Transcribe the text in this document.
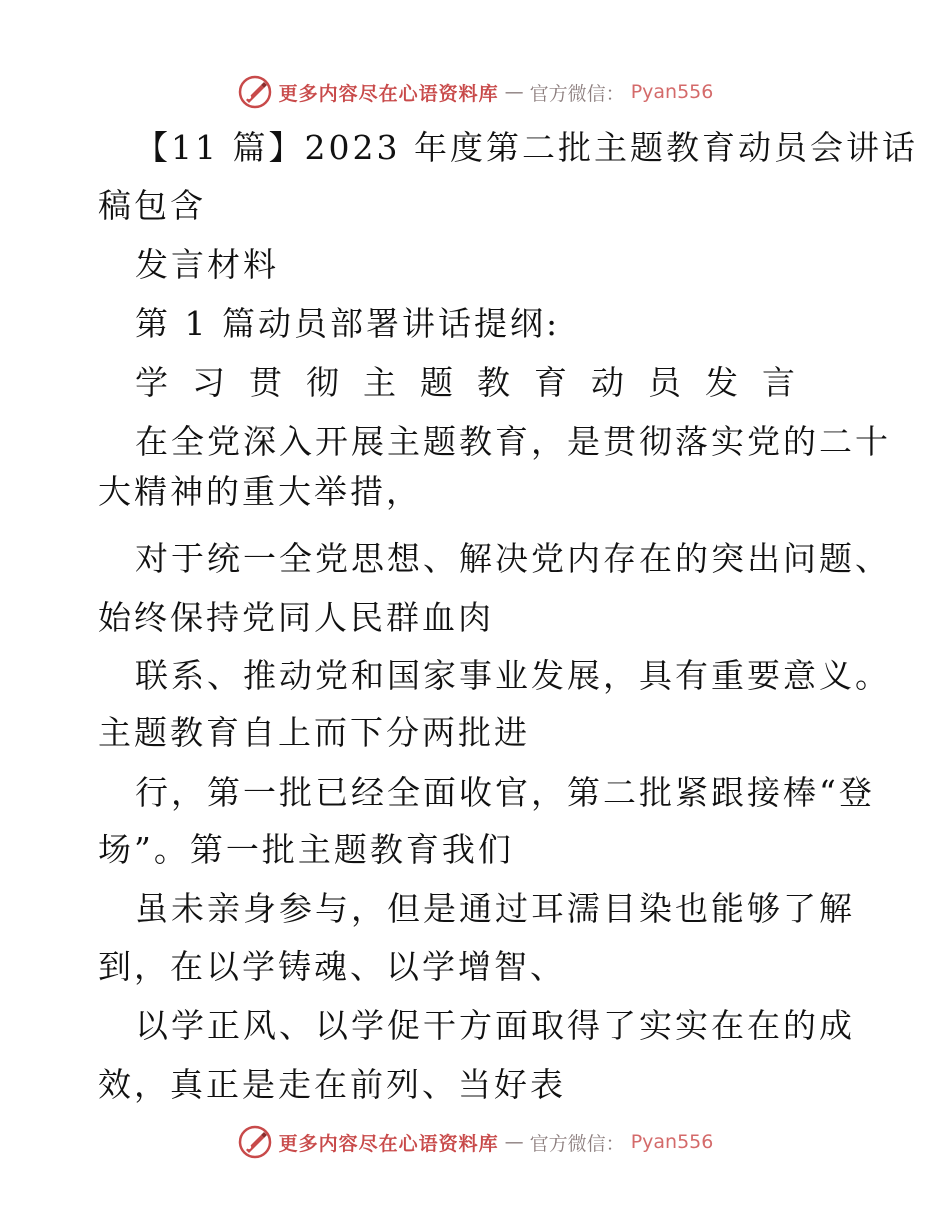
更多内容尽在心语资料库 — 官方微信： Pyan556
【11 篇】2023 年度第二批主题教育动员会讲话
稿包含
发言材料
第 1 篇动员部署讲话提纲:
学习贯彻主题教育动员发言
在全党深入开展主题教育，是贯彻落实党的二十
大精神的重大举措，
对于统一全党思想、解决党内存在的突出问题、
始终保持党同人民群血肉
联系、推动党和国家事业发展，具有重要意义。
主题教育自上而下分两批进
行，第一批已经全面收官，第二批紧跟接棒“登
场”。第一批主题教育我们
虽未亲身参与，但是通过耳濡目染也能够了解
到，在以学铸魂、以学增智、
以学正风、以学促干方面取得了实实在在的成
效，真正是走在前列、当好表
更多内容尽在心语资料库 — 官方微信： Pyan556
